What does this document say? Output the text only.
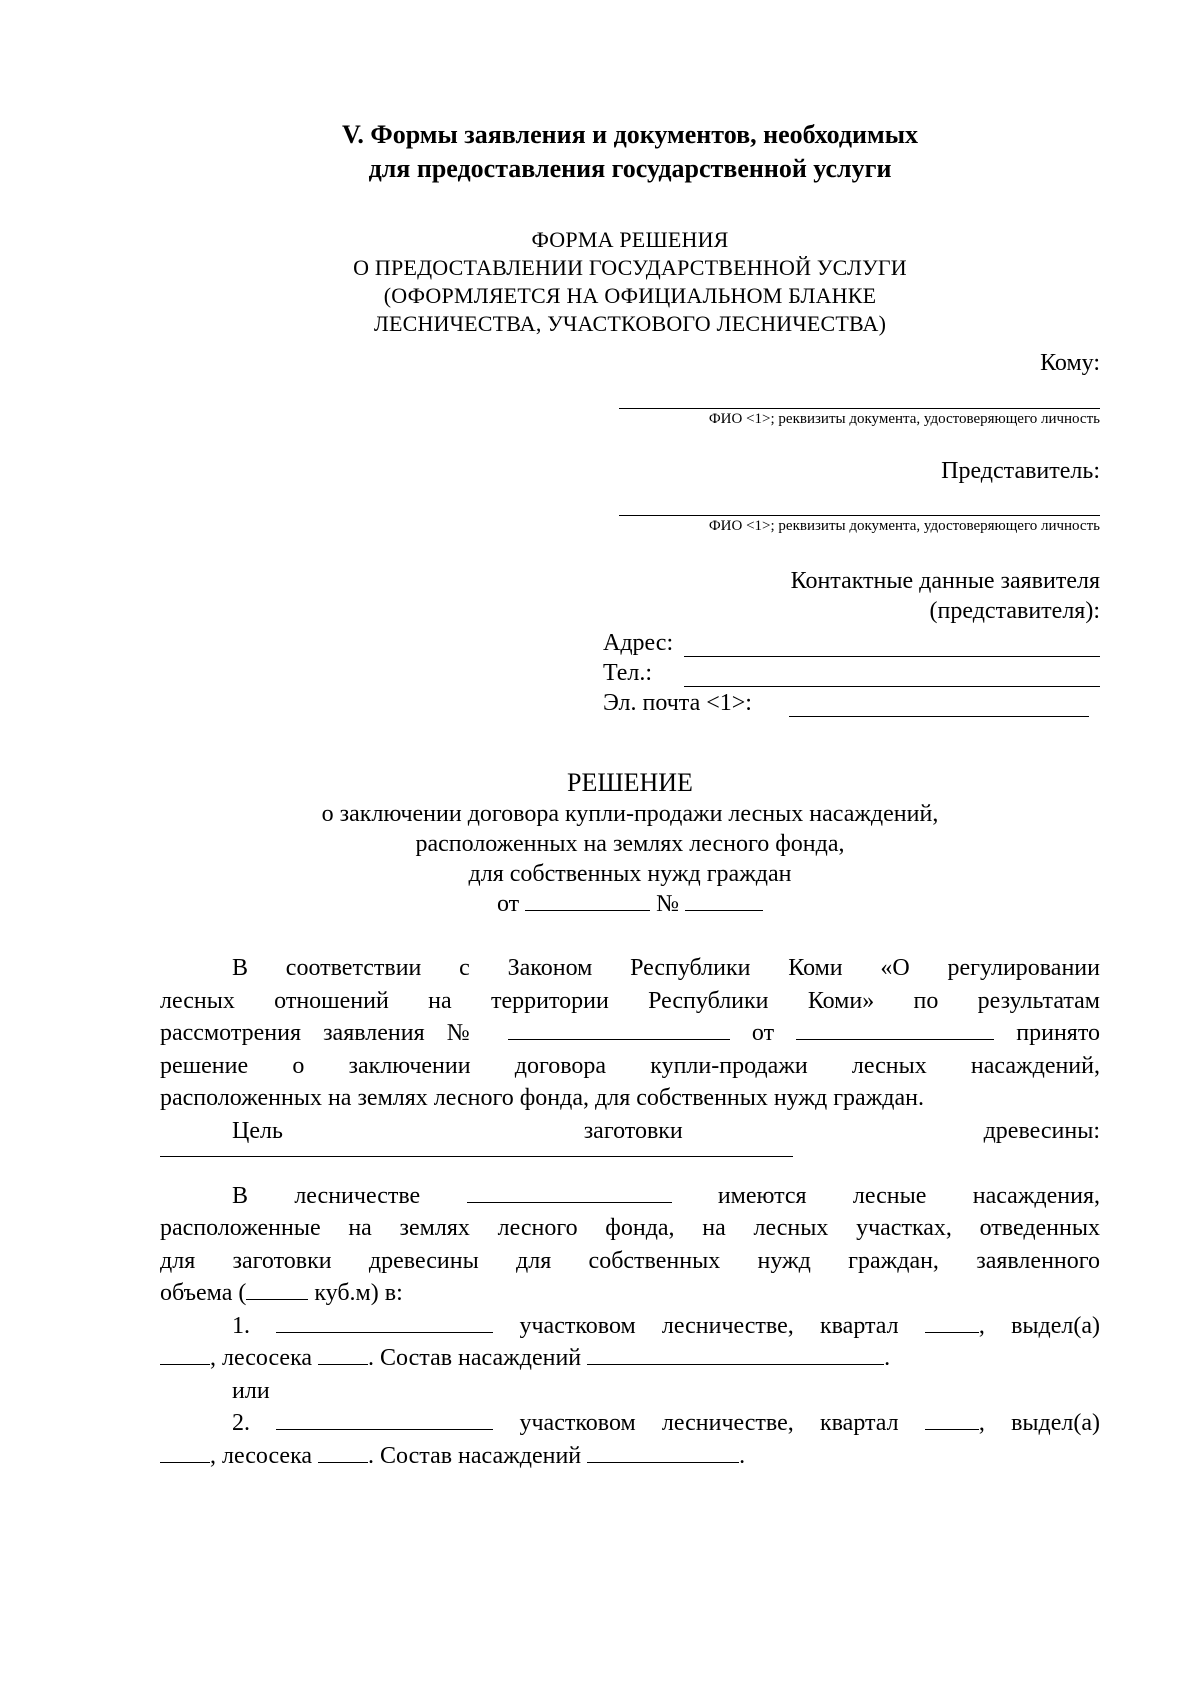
V. Формы заявления и документов, необходимых
для предоставления государственной услуги
ФОРМА РЕШЕНИЯ
О ПРЕДОСТАВЛЕНИИ ГОСУДАРСТВЕННОЙ УСЛУГИ
(ОФОРМЛЯЕТСЯ НА ОФИЦИАЛЬНОМ БЛАНКЕ
ЛЕСНИЧЕСТВА, УЧАСТКОВОГО ЛЕСНИЧЕСТВА)
Кому:
ФИО <1>; реквизиты документа, удостоверяющего личность
Представитель:
ФИО <1>; реквизиты документа, удостоверяющего личность
Контактные данные заявителя
(представителя):
Адрес:
Тел.:
Эл. почта <1>:
РЕШЕНИЕ
о заключении договора купли-продажи лесных насаждений,
расположенных на землях лесного фонда,
для собственных нужд граждан
от	№
В соответствии с Законом Республики Коми «О регулировании
лесных отношений на территории Республики Коми» по результатам
рассмотрения заявления №	от	принято
решение о заключении договора купли-продажи лесных насаждений,
расположенных на землях лесного фонда, для собственных нужд граждан.
Цель	заготовки	древесины:
В лесничестве	имеются лесные насаждения,
расположенные на землях лесного фонда, на лесных участках, отведенных
для заготовки древесины для собственных нужд граждан, заявленного
объема (	куб.м) в:
1.	участковом лесничестве, квартал	, выдел(а)
, лесосека . Состав насаждений	.
или
2.	участковом лесничестве, квартал	, выдел(а)
, лесосека . Состав насаждений	.
